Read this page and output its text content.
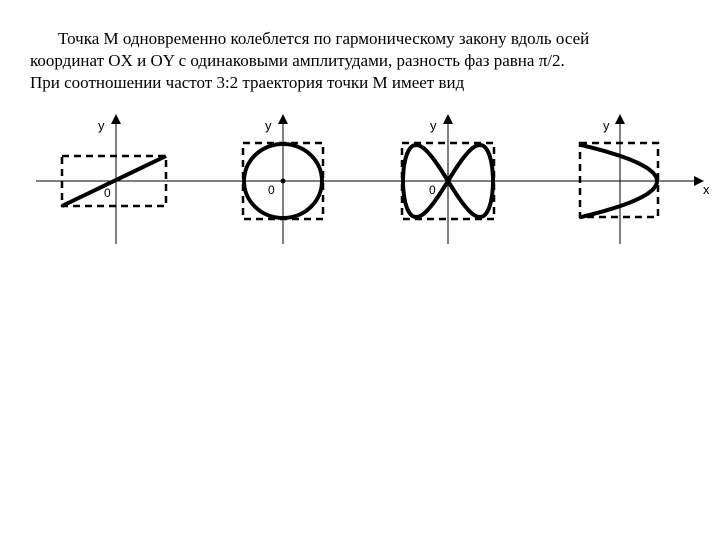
Точка М одновременно колеблется по гармоническому закону вдоль осей
координат OX и OY с одинаковыми амплитудами, разность фаз равна π/2.
При соотношении частот 3:2 траектория точки М имеет вид
y
0
y
0
y
0
y
x
